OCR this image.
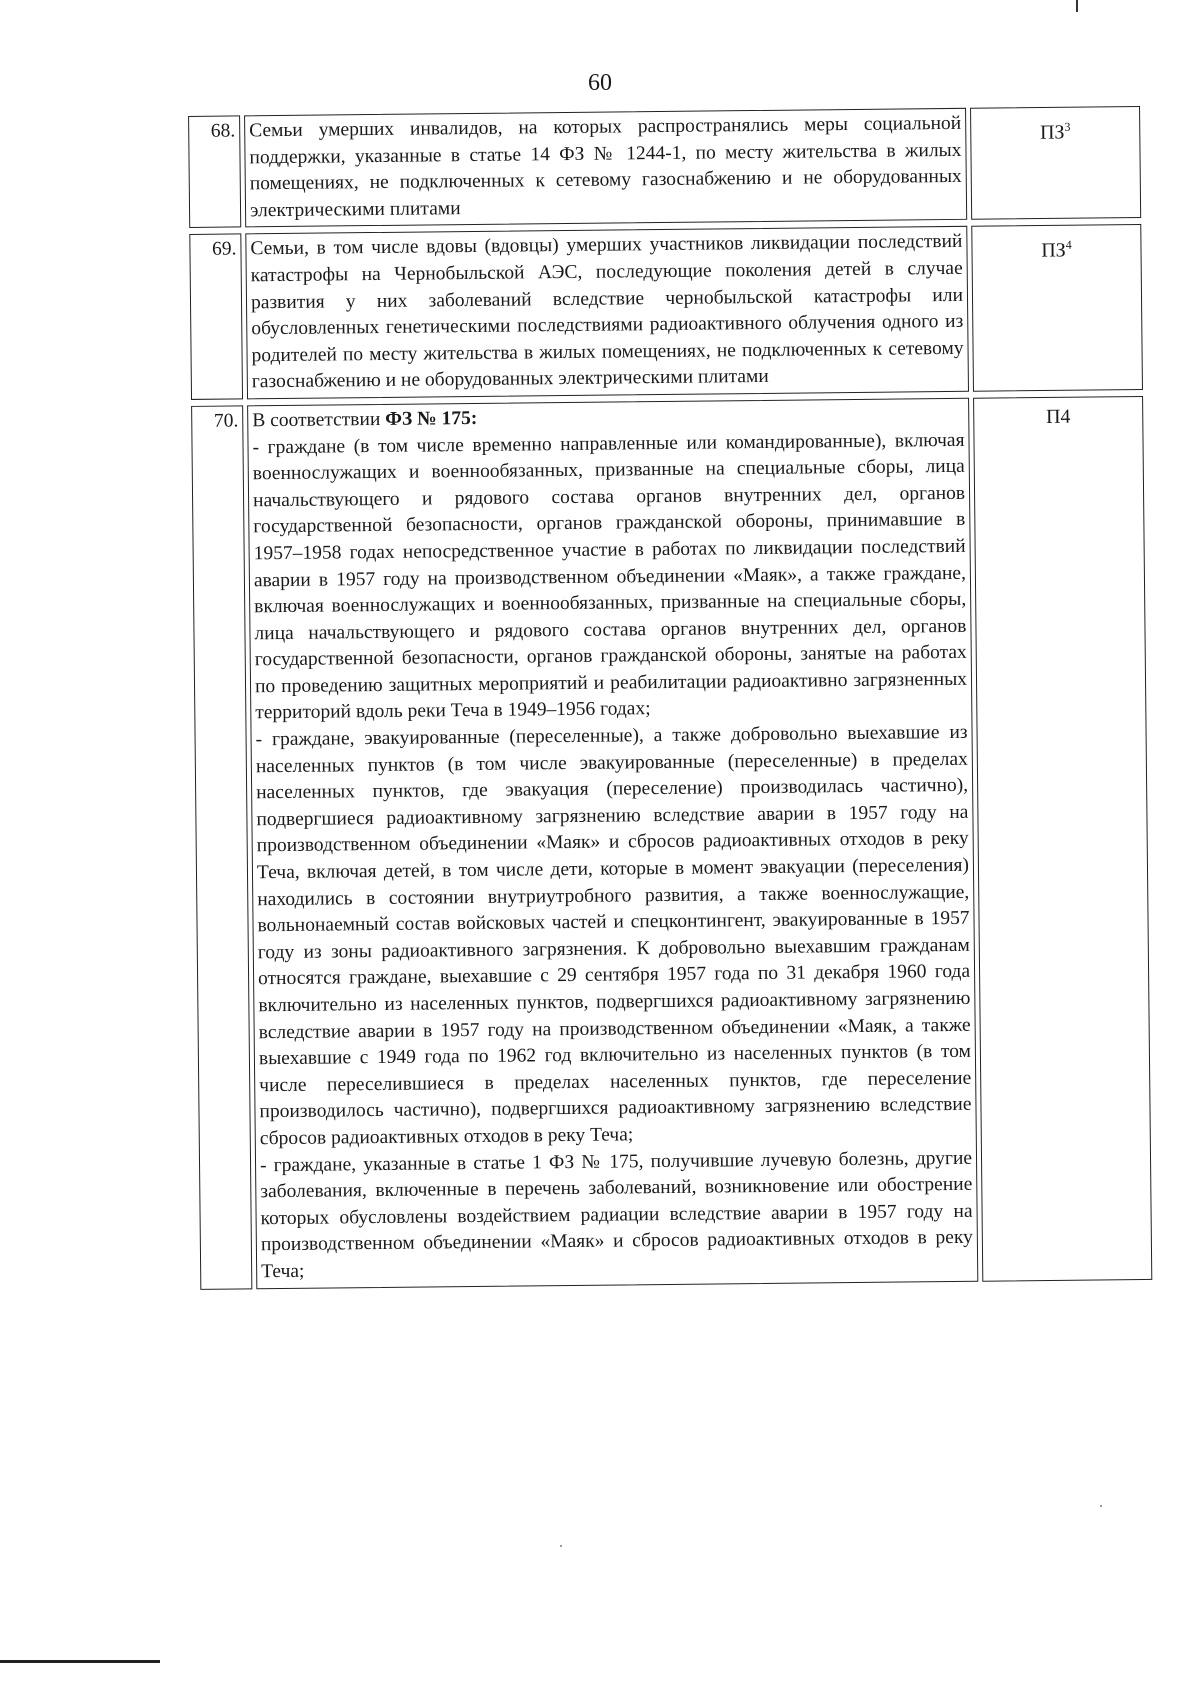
60
68.	Семьи умерших инвалидов, на которых распространялись меры социальной поддержки, указанные в статье 14 ФЗ № 1244-1, по месту жительства в жилых помещениях, не подключенных к сетевому газоснабжению и не оборудованных электрическими плитами	$ПЗ^3$
69.	Семьи, в том числе вдовы (вдовцы) умерших участников ликвидации последствий катастрофы на Чернобыльской АЭС, последующие поколения детей в случае развития у них заболеваний вследствие чернобыльской катастрофы или обусловленных генетическими последствиями радиоактивного облучения одного из родителей по месту жительства в жилых помещениях, не подключенных к сетевому газоснабжению и не оборудованных электрическими плитами	$ПЗ^4$
70.	В соответствии ФЗ № 175:
- граждане (в том числе временно направленные или командированные), включая военнослужащих и военнообязанных, призванные на специальные сборы, лица начальствующего и рядового состава органов внутренних дел, органов государственной безопасности, органов гражданской обороны, принимавшие в 1957–1958 годах непосредственное участие в работах по ликвидации последствий аварии в 1957 году на производственном объединении «Маяк», а также граждане, включая военнослужащих и военнообязанных, призванные на специальные сборы, лица начальствующего и рядового состава органов внутренних дел, органов государственной безопасности, органов гражданской обороны, занятые на работах по проведению защитных мероприятий и реабилитации радиоактивно загрязненных территорий вдоль реки Теча в 1949–1956 годах;
- граждане, эвакуированные (переселенные), а также добровольно выехавшие из населенных пунктов (в том числе эвакуированные (переселенные) в пределах населенных пунктов, где эвакуация (переселение) производилась частично), подвергшиеся радиоактивному загрязнению вследствие аварии в 1957 году на производственном объединении «Маяк» и сбросов радиоактивных отходов в реку Теча, включая детей, в том числе дети, которые в момент эвакуации (переселения) находились в состоянии внутриутробного развития, а также военнослужащие, вольнонаемный состав войсковых частей и спецконтингент, эвакуированные в 1957 году из зоны радиоактивного загрязнения. К добровольно выехавшим гражданам относятся граждане, выехавшие с 29 сентября 1957 года по 31 декабря 1960 года включительно из населенных пунктов, подвергшихся радиоактивному загрязнению вследствие аварии в 1957 году на производственном объединении «Маяк, а также выехавшие с 1949 года по 1962 год включительно из населенных пунктов (в том числе переселившиеся в пределах населенных пунктов, где переселение производилось частично), подвергшихся радиоактивному загрязнению вследствие сбросов радиоактивных отходов в реку Теча;
- граждане, указанные в статье 1 ФЗ № 175, получившие лучевую болезнь, другие заболевания, включенные в перечень заболеваний, возникновение или обострение которых обусловлены воздействием радиации вследствие аварии в 1957 году на производственном объединении «Маяк» и сбросов радиоактивных отходов в реку Теча;	П4
